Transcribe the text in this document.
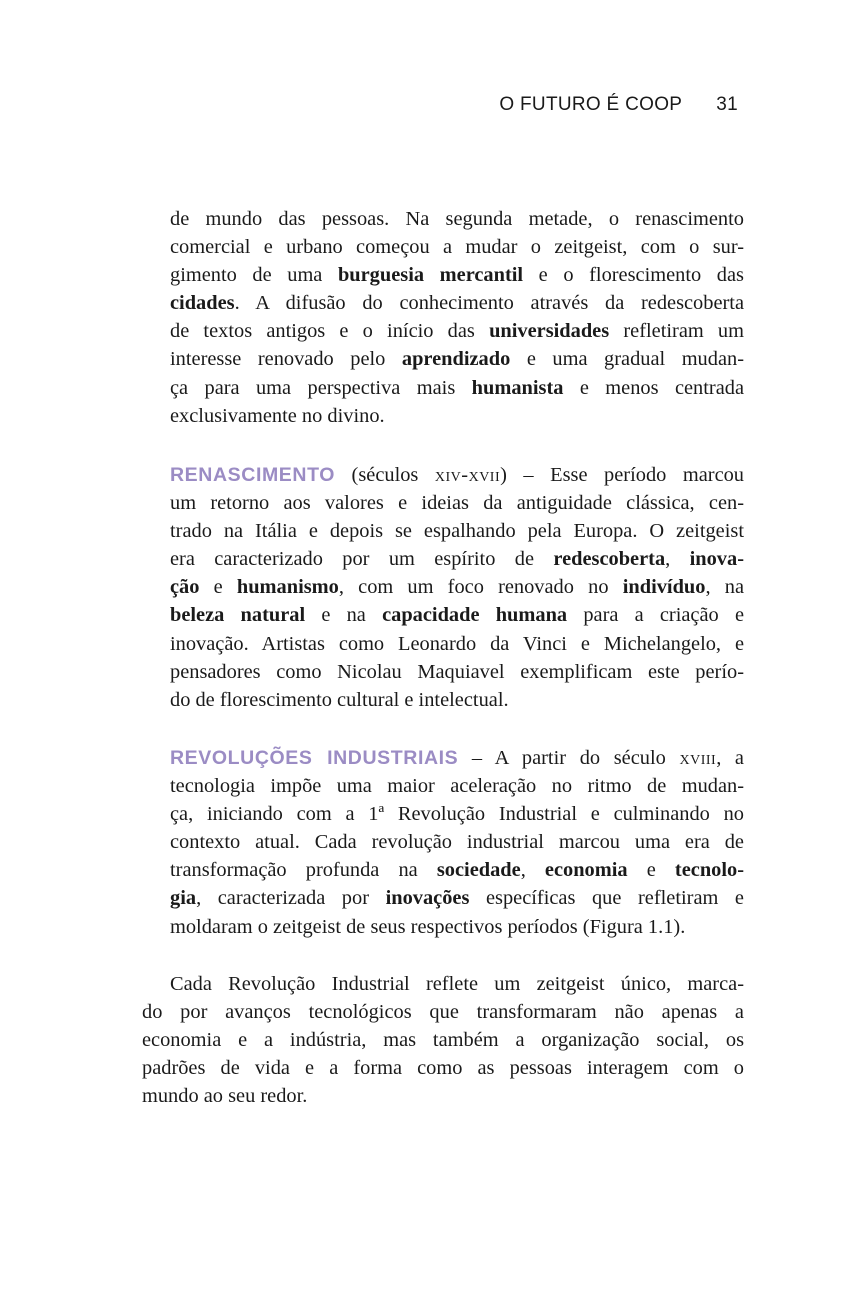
O FUTURO É COOP 31
de mundo das pessoas. Na segunda metade, o renascimento
comercial e urbano começou a mudar o zeitgeist, com o sur-
gimento de uma burguesia mercantil e o florescimento das
cidades. A difusão do conhecimento através da redescoberta
de textos antigos e o início das universidades refletiram um
interesse renovado pelo aprendizado e uma gradual mudan-
ça para uma perspectiva mais humanista e menos centrada
exclusivamente no divino.
RENASCIMENTO (séculos xiv-xvii) – Esse período marcou
um retorno aos valores e ideias da antiguidade clássica, cen-
trado na Itália e depois se espalhando pela Europa. O zeitgeist
era caracterizado por um espírito de redescoberta, inova-
ção e humanismo, com um foco renovado no indivíduo, na
beleza natural e na capacidade humana para a criação e
inovação. Artistas como Leonardo da Vinci e Michelangelo, e
pensadores como Nicolau Maquiavel exemplificam este perío-
do de florescimento cultural e intelectual.
REVOLUÇÕES INDUSTRIAIS – A partir do século xviii, a
tecnologia impõe uma maior aceleração no ritmo de mudan-
ça, iniciando com a 1ª Revolução Industrial e culminando no
contexto atual. Cada revolução industrial marcou uma era de
transformação profunda na sociedade, economia e tecnolo-
gia, caracterizada por inovações específicas que refletiram e
moldaram o zeitgeist de seus respectivos períodos (Figura 1.1).
Cada Revolução Industrial reflete um zeitgeist único, marca-
do por avanços tecnológicos que transformaram não apenas a
economia e a indústria, mas também a organização social, os
padrões de vida e a forma como as pessoas interagem com o
mundo ao seu redor.
